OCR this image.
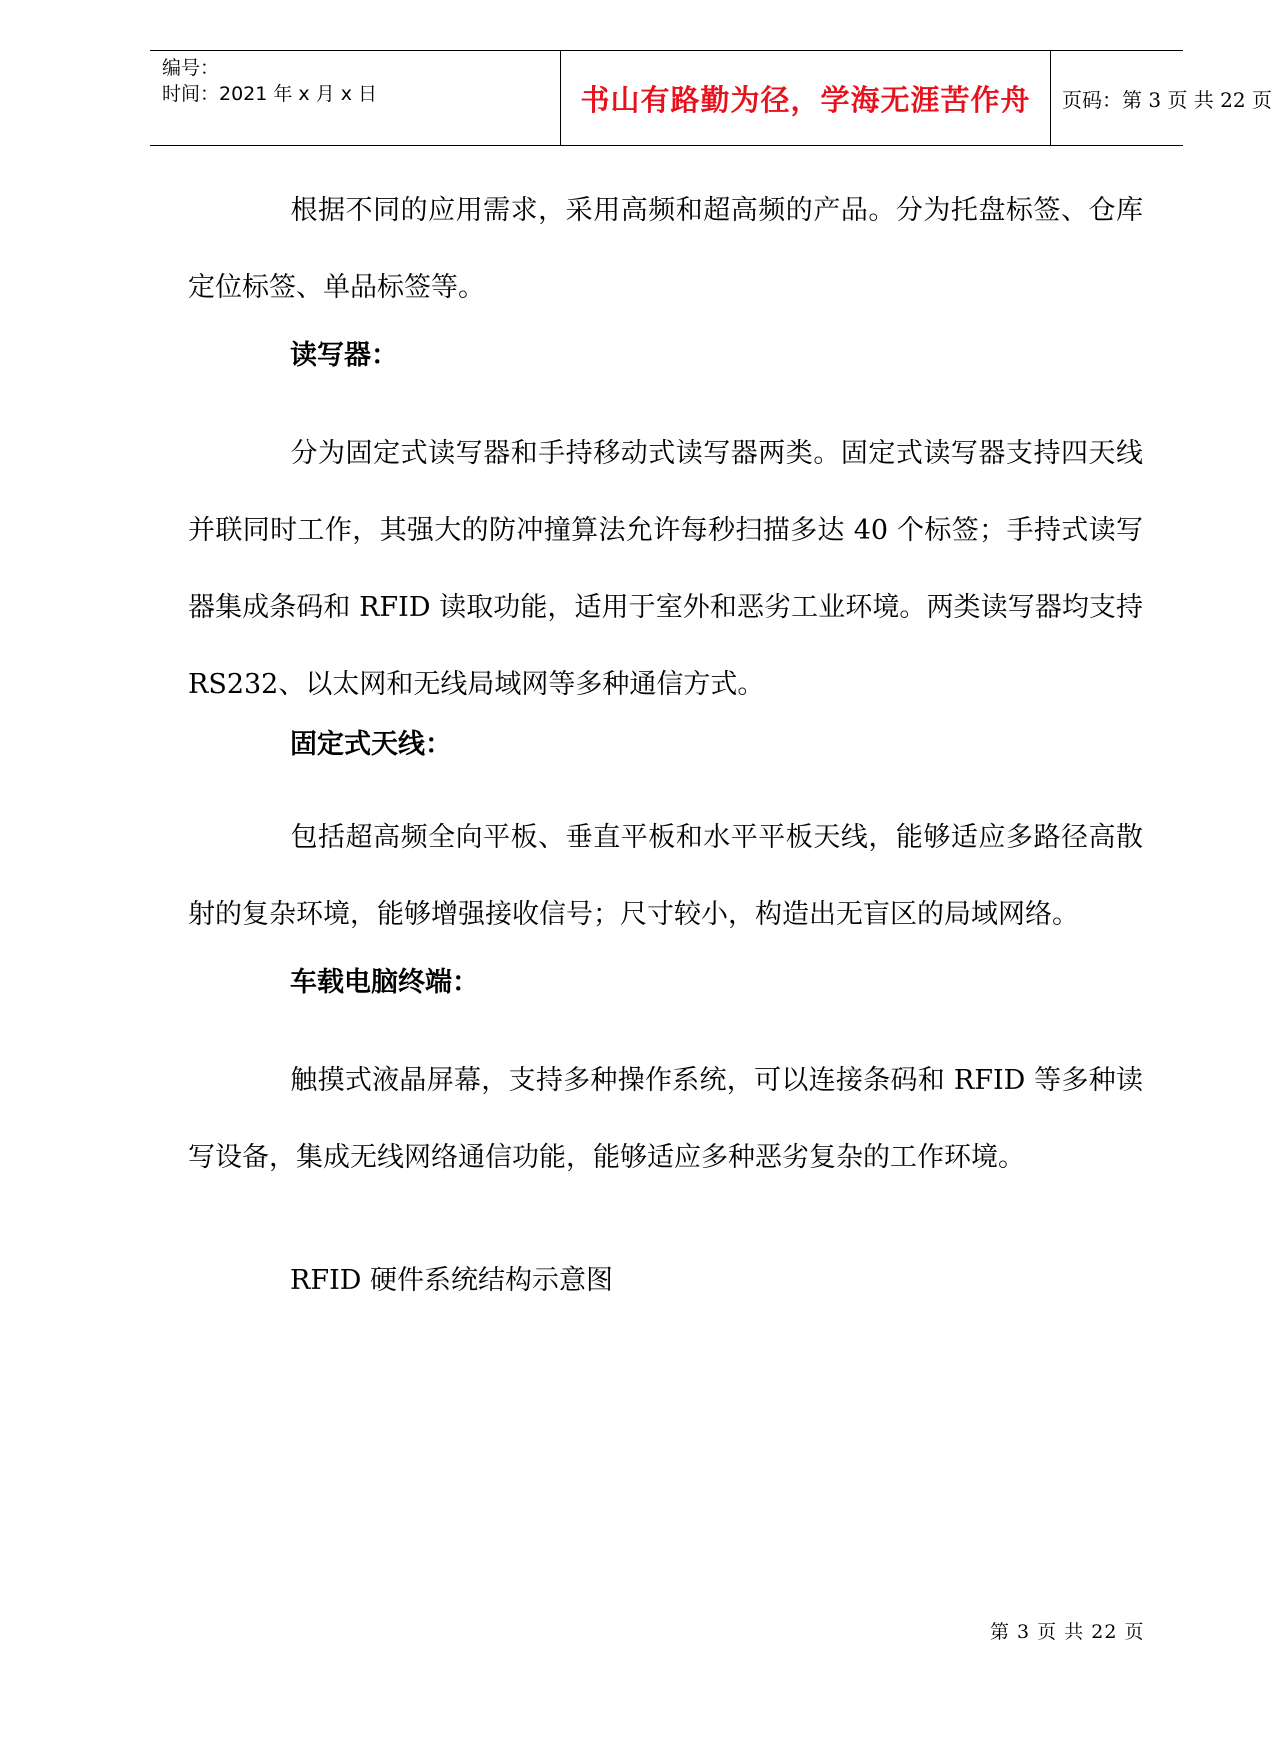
编号：
时间：2021 年 x 月 x 日	书山有路勤为径，学海无涯苦作舟 页码：第 3 页 共 22 页
根据不同的应用需求，采用高频和超高频的产品。分为托盘标签、仓库定位标签、单品标签等。
读写器：
分为固定式读写器和手持移动式读写器两类。固定式读写器支持四天线并联同时工作，其强大的防冲撞算法允许每秒扫描多达 40 个标签；手持式读写器集成条码和 RFID 读取功能，适用于室外和恶劣工业环境。两类读写器均支持 RS232、以太网和无线局域网等多种通信方式。
固定式天线：
包括超高频全向平板、垂直平板和水平平板天线，能够适应多路径高散射的复杂环境，能够增强接收信号；尺寸较小，构造出无盲区的局域网络。
车载电脑终端：
触摸式液晶屏幕，支持多种操作系统，可以连接条码和 RFID 等多种读写设备，集成无线网络通信功能，能够适应多种恶劣复杂的工作环境。
RFID 硬件系统结构示意图
第 3 页 共 22 页
